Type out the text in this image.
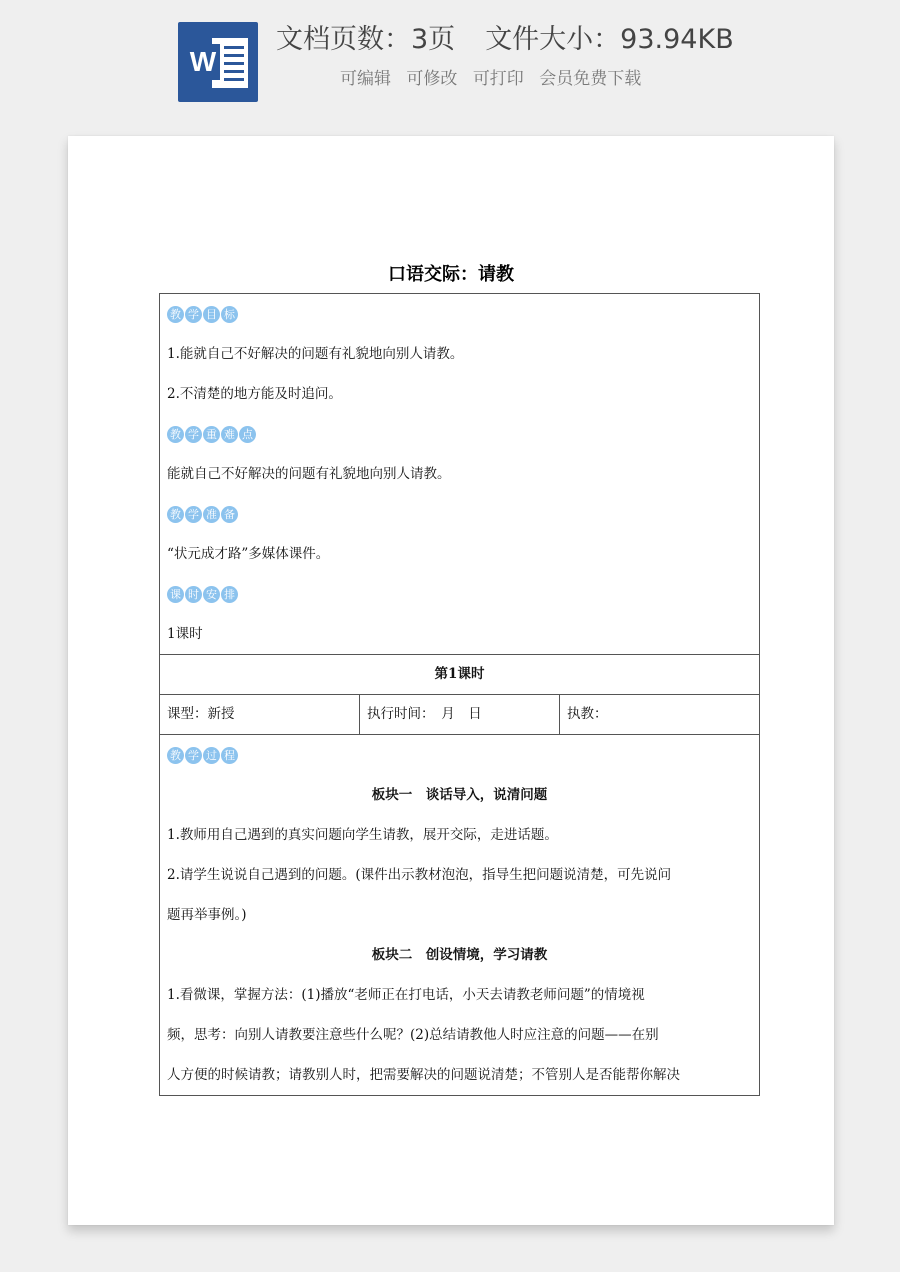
W
文档页数：3页 文件大小：93.94KB
可编辑 可修改 可打印 会员免费下载
口语交际：请教
教 学 目 标
1.能就自己不好解决的问题有礼貌地向别人请教。
2.不清楚的地方能及时追问。
教 学 重 难 点
能就自己不好解决的问题有礼貌地向别人请教。
教 学 准 备
“状元成才路”多媒体课件。
课 时 安 排
1课时

第1课时
课型：新授	执行时间：　月　日	执教：

教 学 过 程
板块一　谈话导入，说清问题
1.教师用自己遇到的真实问题向学生请教，展开交际，走进话题。
2.请学生说说自己遇到的问题。(课件出示教材泡泡，指导生把问题说清楚，可先说问
题再举事例。)
板块二　创设情境，学习请教
1.看微课，掌握方法：(1)播放“老师正在打电话，小天去请教老师问题”的情境视
频，思考：向别人请教要注意些什么呢？(2)总结请教他人时应注意的问题——在别
人方便的时候请教；请教别人时，把需要解决的问题说清楚；不管别人是否能帮你解决
